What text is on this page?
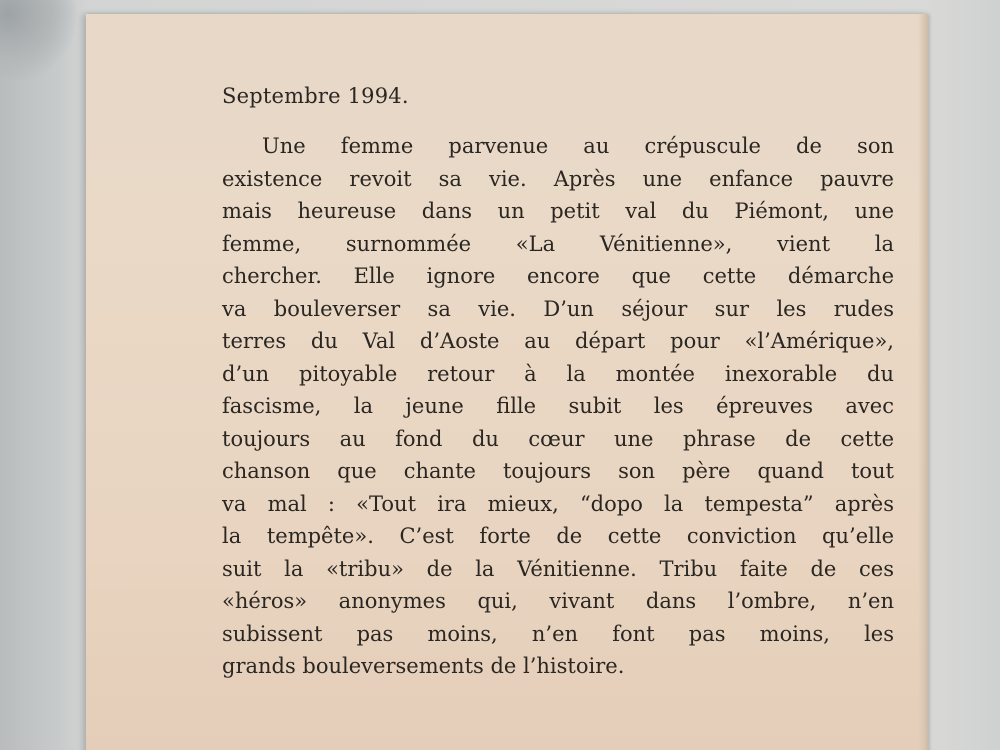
Septembre 1994.
Une femme parvenue au crépuscule de son
existence revoit sa vie. Après une enfance pauvre
mais heureuse dans un petit val du Piémont, une
femme, surnommée «La Vénitienne», vient la
chercher. Elle ignore encore que cette démarche
va bouleverser sa vie. D’un séjour sur les rudes
terres du Val d’Aoste au départ pour «l’Amérique»,
d’un pitoyable retour à la montée inexorable du
fascisme, la jeune fille subit les épreuves avec
toujours au fond du cœur une phrase de cette
chanson que chante toujours son père quand tout
va mal : «Tout ira mieux, “dopo la tempesta” après
la tempête». C’est forte de cette conviction qu’elle
suit la «tribu» de la Vénitienne. Tribu faite de ces
«héros» anonymes qui, vivant dans l’ombre, n’en
subissent pas moins, n’en font pas moins, les
grands bouleversements de l’histoire.
